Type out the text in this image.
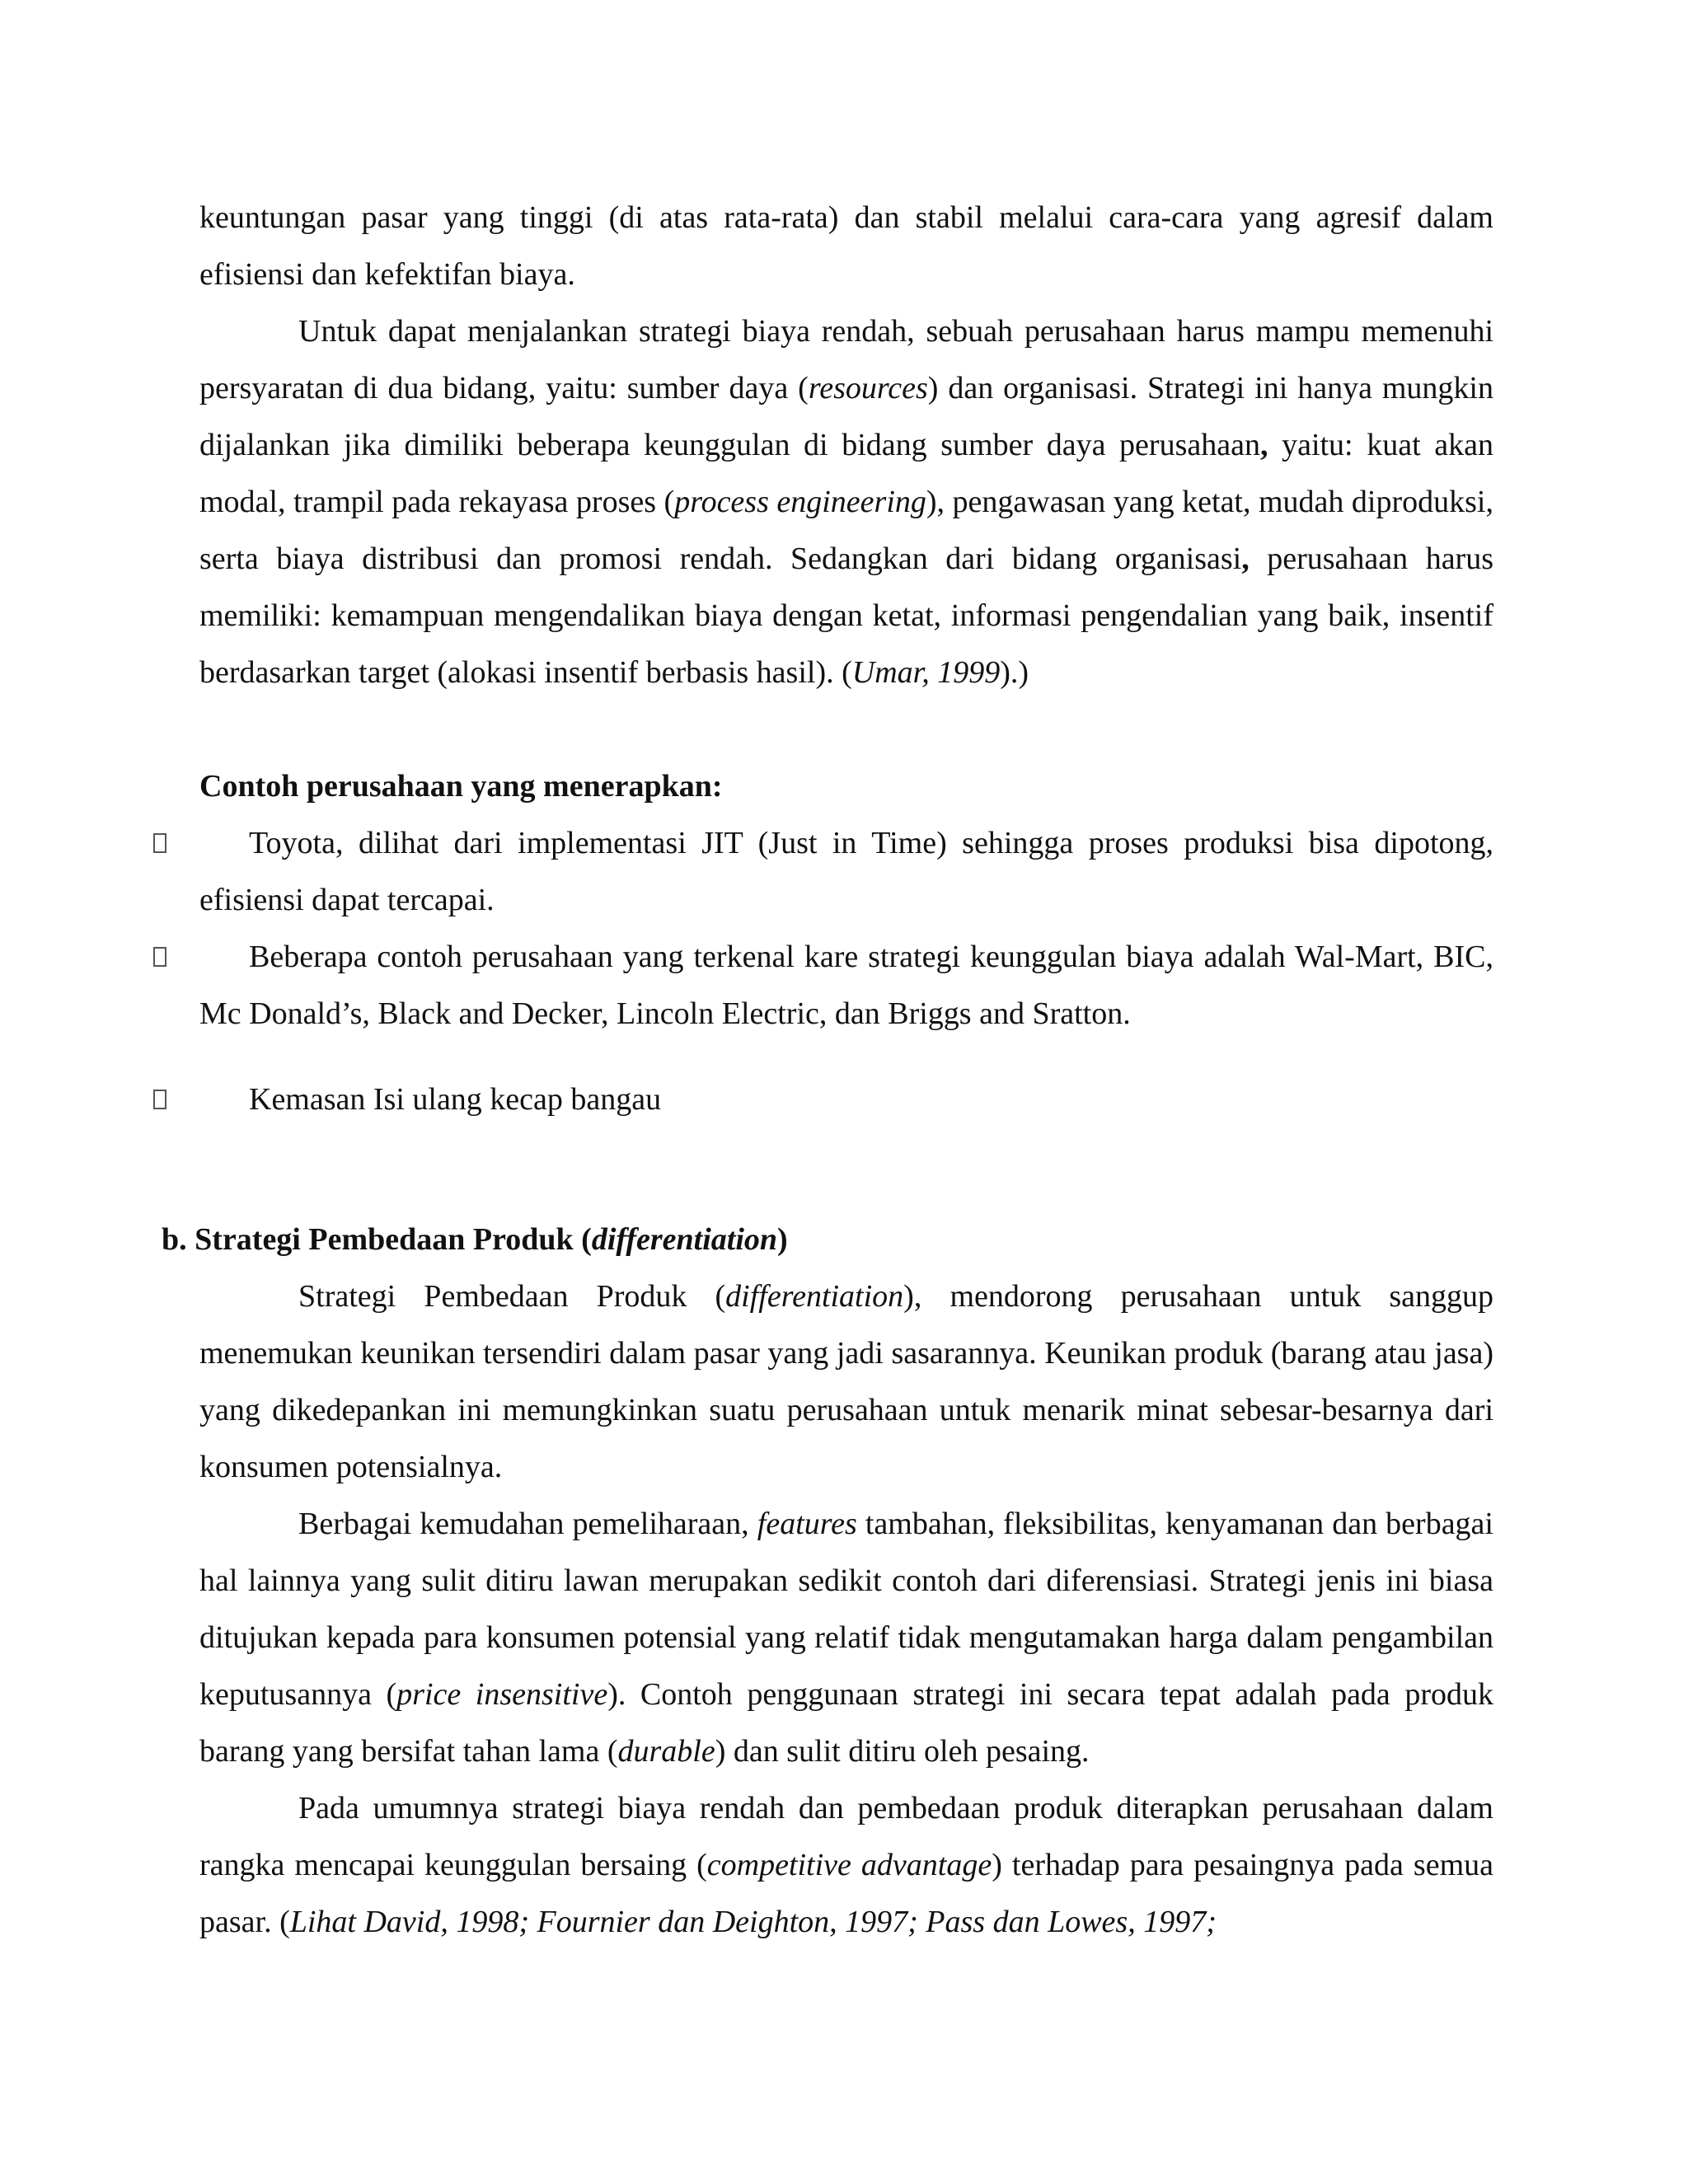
keuntungan pasar yang tinggi (di atas rata-rata) dan stabil melalui cara-cara yang agresif dalam efisiensi dan kefektifan biaya.

Untuk dapat menjalankan strategi biaya rendah, sebuah perusahaan harus mampu memenuhi persyaratan di dua bidang, yaitu: sumber daya (resources) dan organisasi. Strategi ini hanya mungkin dijalankan jika dimiliki beberapa keunggulan di bidang sumber daya perusahaan, yaitu: kuat akan modal, trampil pada rekayasa proses (process engineering), pengawasan yang ketat, mudah diproduksi, serta biaya distribusi dan promosi rendah. Sedangkan dari bidang organisasi, perusahaan harus memiliki: kemampuan mengendalikan biaya dengan ketat, informasi pengendalian yang baik, insentif berdasarkan target (alokasi insentif berbasis hasil). (Umar, 1999).)

Contoh perusahaan yang menerapkan:

Toyota, dilihat dari implementasi JIT (Just in Time) sehingga proses produksi bisa dipotong, efisiensi dapat tercapai.

Beberapa contoh perusahaan yang terkenal kare strategi keunggulan biaya adalah Wal-Mart, BIC, Mc Donald’s, Black and Decker, Lincoln Electric, dan Briggs and Sratton.

Kemasan Isi ulang kecap bangau

b. Strategi Pembedaan Produk (differentiation)

Strategi Pembedaan Produk (differentiation), mendorong perusahaan untuk sanggup menemukan keunikan tersendiri dalam pasar yang jadi sasarannya. Keunikan produk (barang atau jasa) yang dikedepankan ini memungkinkan suatu perusahaan untuk menarik minat sebesar-besarnya dari konsumen potensialnya.

Berbagai kemudahan pemeliharaan, features tambahan, fleksibilitas, kenyamanan dan berbagai hal lainnya yang sulit ditiru lawan merupakan sedikit contoh dari diferensiasi. Strategi jenis ini biasa ditujukan kepada para konsumen potensial yang relatif tidak mengutamakan harga dalam pengambilan keputusannya (price insensitive). Contoh penggunaan strategi ini secara tepat adalah pada produk barang yang bersifat tahan lama (durable) dan sulit ditiru oleh pesaing.

Pada umumnya strategi biaya rendah dan pembedaan produk diterapkan perusahaan dalam rangka mencapai keunggulan bersaing (competitive advantage) terhadap para pesaingnya pada semua pasar. (Lihat David, 1998; Fournier dan Deighton, 1997; Pass dan Lowes, 1997;
